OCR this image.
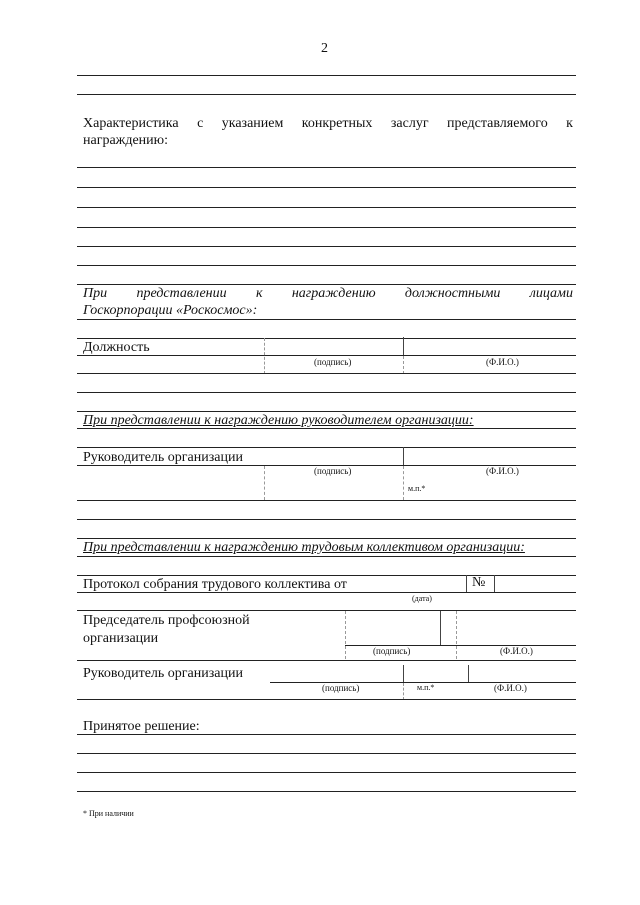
2
Характеристика с указанием конкретных заслуг представляемого к
награждению:
При представлении к награждению должностными лицами
Госкорпорации «Роскосмос»:
Должность
(подпись)	(Ф.И.О.)
При представлении к награждению руководителем организации:
Руководитель организации
(подпись)	(Ф.И.О.)
м.п.*
При представлении к награждению трудовым коллективом организации:
Протокол собрания трудового коллектива от	№
(дата)
Председатель профсоюзной
организации
(подпись)	(Ф.И.О.)
Руководитель организации
(подпись)	м.п.*	(Ф.И.О.)
Принятое решение:
* При наличии
